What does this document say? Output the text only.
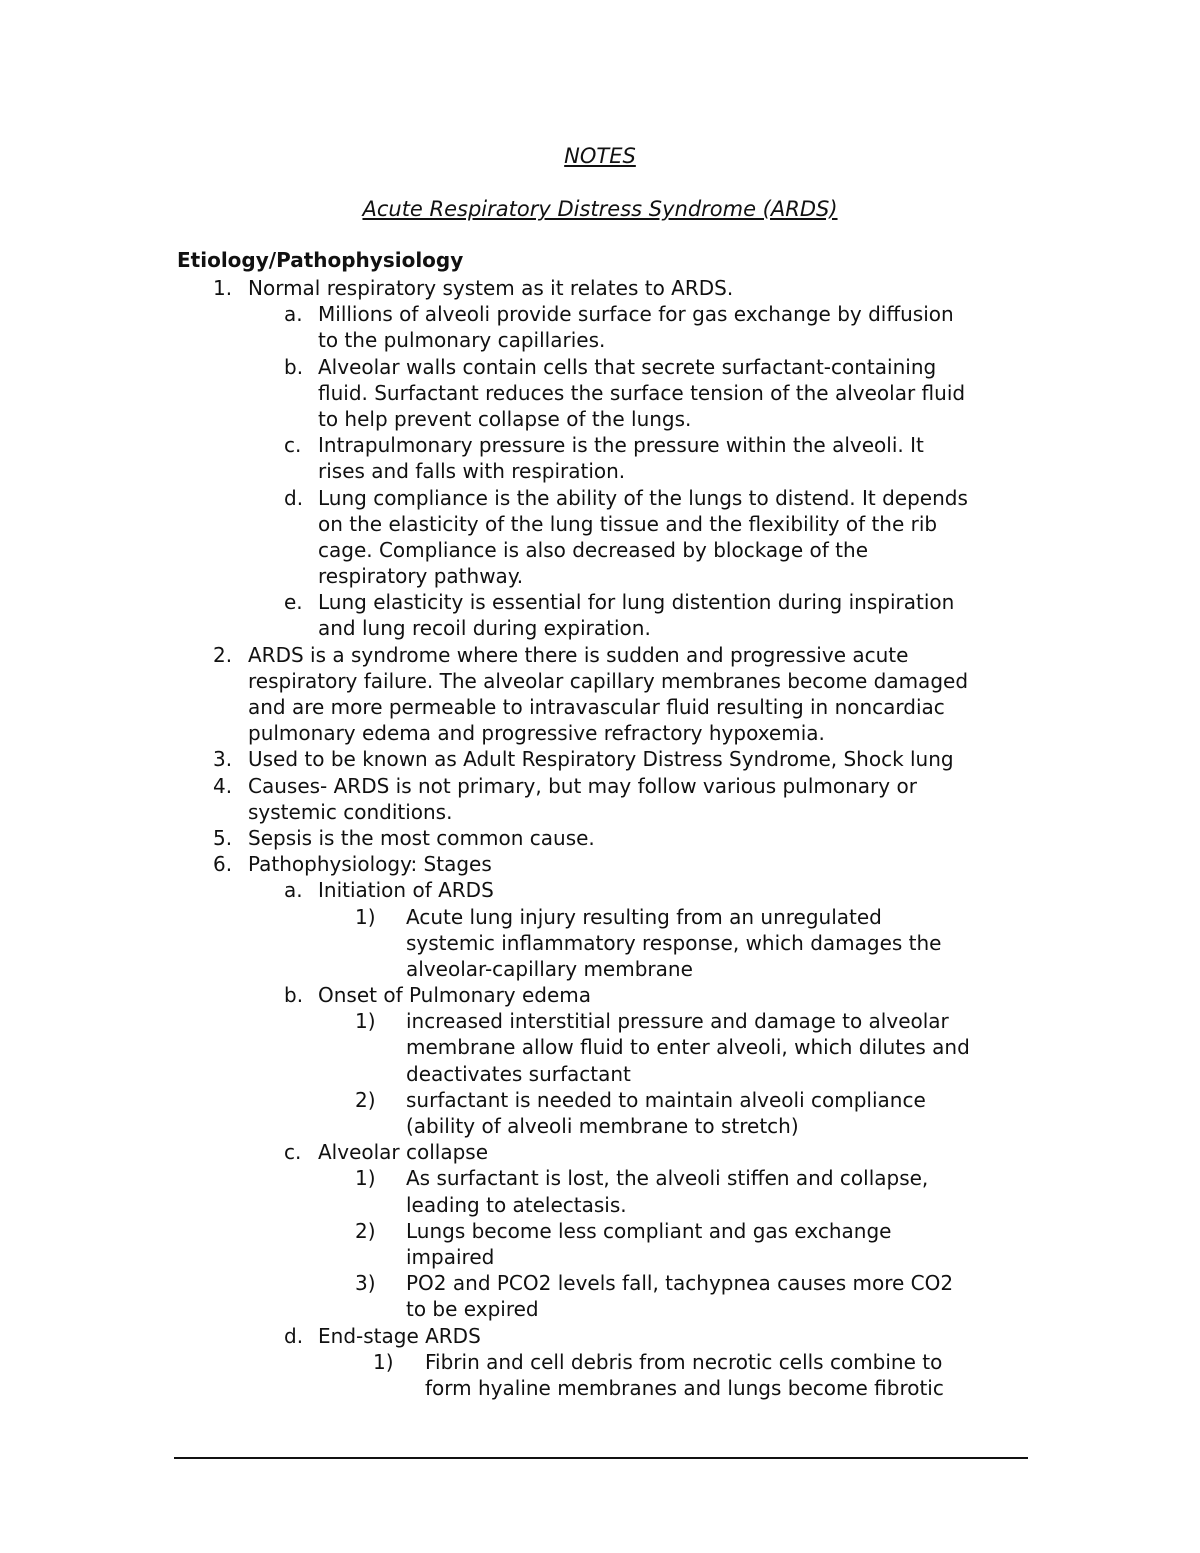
NOTES
Acute Respiratory Distress Syndrome (ARDS)
Etiology/Pathophysiology
1. Normal respiratory system as it relates to ARDS.
a. Millions of alveoli provide surface for gas exchange by diffusion
to the pulmonary capillaries.
b. Alveolar walls contain cells that secrete surfactant-containing
fluid. Surfactant reduces the surface tension of the alveolar fluid
to help prevent collapse of the lungs.
c. Intrapulmonary pressure is the pressure within the alveoli. It
rises and falls with respiration.
d. Lung compliance is the ability of the lungs to distend. It depends
on the elasticity of the lung tissue and the flexibility of the rib
cage. Compliance is also decreased by blockage of the
respiratory pathway.
e. Lung elasticity is essential for lung distention during inspiration
and lung recoil during expiration.
2. ARDS is a syndrome where there is sudden and progressive acute
respiratory failure. The alveolar capillary membranes become damaged
and are more permeable to intravascular fluid resulting in noncardiac
pulmonary edema and progressive refractory hypoxemia.
3. Used to be known as Adult Respiratory Distress Syndrome, Shock lung
4. Causes- ARDS is not primary, but may follow various pulmonary or
systemic conditions.
5. Sepsis is the most common cause.
6. Pathophysiology: Stages
a. Initiation of ARDS
1) Acute lung injury resulting from an unregulated
systemic inflammatory response, which damages the
alveolar-capillary membrane
b. Onset of Pulmonary edema
1) increased interstitial pressure and damage to alveolar
membrane allow fluid to enter alveoli, which dilutes and
deactivates surfactant
2) surfactant is needed to maintain alveoli compliance
(ability of alveoli membrane to stretch)
c. Alveolar collapse
1) As surfactant is lost, the alveoli stiffen and collapse,
leading to atelectasis.
2) Lungs become less compliant and gas exchange
impaired
3) PO2 and PCO2 levels fall, tachypnea causes more CO2
to be expired
d. End-stage ARDS
1) Fibrin and cell debris from necrotic cells combine to
form hyaline membranes and lungs become fibrotic
